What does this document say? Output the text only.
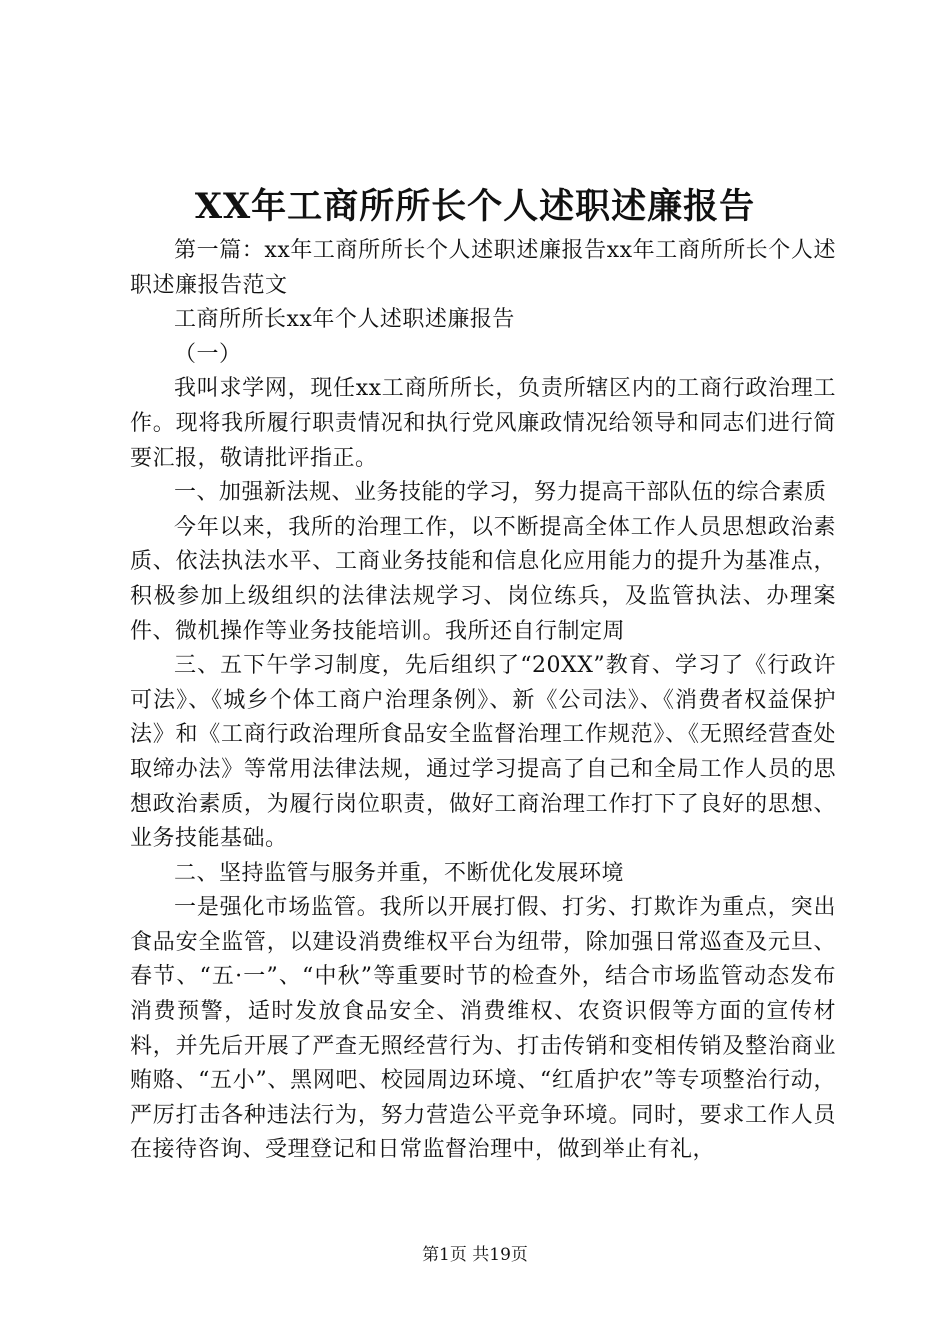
XX年工商所所长个人述职述廉报告

第一篇：xx年工商所所长个人述职述廉报告xx年工商所所长个人述职述廉报告范文

工商所所长xx年个人述职述廉报告

（一）

我叫求学网，现任xx工商所所长，负责所辖区内的工商行政治理工作。现将我所履行职责情况和执行党风廉政情况给领导和同志们进行简要汇报，敬请批评指正。

一、加强新法规、业务技能的学习，努力提高干部队伍的综合素质

今年以来，我所的治理工作，以不断提高全体工作人员思想政治素质、依法执法水平、工商业务技能和信息化应用能力的提升为基准点，积极参加上级组织的法律法规学习、岗位练兵，及监管执法、办理案件、微机操作等业务技能培训。我所还自行制定周

三、五下午学习制度，先后组织了“20XX”教育、学习了《行政许可法》、《城乡个体工商户治理条例》、新《公司法》、《消费者权益保护法》和《工商行政治理所食品安全监督治理工作规范》、《无照经营查处取缔办法》等常用法律法规，通过学习提高了自己和全局工作人员的思想政治素质，为履行岗位职责，做好工商治理工作打下了良好的思想、业务技能基础。

二、坚持监管与服务并重，不断优化发展环境

一是强化市场监管。我所以开展打假、打劣、打欺诈为重点，突出食品安全监管，以建设消费维权平台为纽带，除加强日常巡查及元旦、春节、“五·一”、“中秋”等重要时节的检查外，结合市场监管动态发布消费预警，适时发放食品安全、消费维权、农资识假等方面的宣传材料，并先后开展了严查无照经营行为、打击传销和变相传销及整治商业贿赂、“五小”、黑网吧、校园周边环境、“红盾护农”等专项整治行动，严厉打击各种违法行为，努力营造公平竞争环境。同时，要求工作人员在接待咨询、受理登记和日常监督治理中，做到举止有礼，

第1页 共19页
